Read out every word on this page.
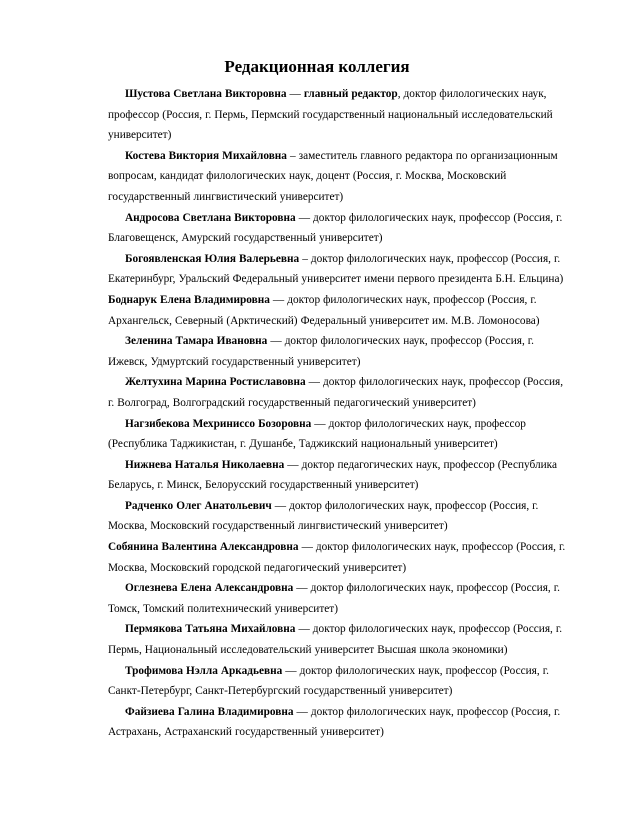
Редакционная коллегия

Шустова Светлана Викторовна — главный редактор, доктор филологических наук, профессор (Россия, г. Пермь, Пермский государственный национальный исследовательский университет)

Костева Виктория Михайловна – заместитель главного редактора по организационным вопросам, кандидат филологических наук, доцент (Россия, г. Москва, Московский государственный лингвистический университет)

Андросова Светлана Викторовна — доктор филологических наук, профессор (Россия, г. Благовещенск, Амурский государственный университет)

Богоявленская Юлия Валерьевна – доктор филологических наук, профессор (Россия, г. Екатеринбург, Уральский Федеральный университет имени первого президента Б.Н. Ельцина)

Боднарук Елена Владимировна — доктор филологических наук, профессор (Россия, г. Архангельск, Северный (Арктический) Федеральный университет им. М.В. Ломоносова)

Зеленина Тамара Ивановна — доктор филологических наук, профессор (Россия, г. Ижевск, Удмуртский государственный университет)

Желтухина Марина Ростиславовна — доктор филологических наук, профессор (Россия, г. Волгоград, Волгоградский государственный педагогический университет)

Нагзибекова Мехриниссо Бозоровна — доктор филологических наук, профессор (Республика Таджикистан, г. Душанбе, Таджикский национальный университет)

Нижнева Наталья Николаевна — доктор педагогических наук, профессор (Республика Беларусь, г. Минск, Белорусский государственный университет)

Радченко Олег Анатольевич — доктор филологических наук, профессор (Россия, г. Москва, Московский государственный лингвистический университет)

Собянина Валентина Александровна — доктор филологических наук, профессор (Россия, г. Москва, Московский городской педагогический университет)

Оглезнева Елена Александровна — доктор филологических наук, профессор (Россия, г. Томск, Томский политехнический университет)

Пермякова Татьяна Михайловна — доктор филологических наук, профессор (Россия, г. Пермь, Национальный исследовательский университет Высшая школа экономики)

Трофимова Нэлла Аркадьевна — доктор филологических наук, профессор (Россия, г. Санкт-Петербург, Санкт-Петербургский государственный университет)

Файзиева Галина Владимировна — доктор филологических наук, профессор (Россия, г. Астрахань, Астраханский государственный университет)
